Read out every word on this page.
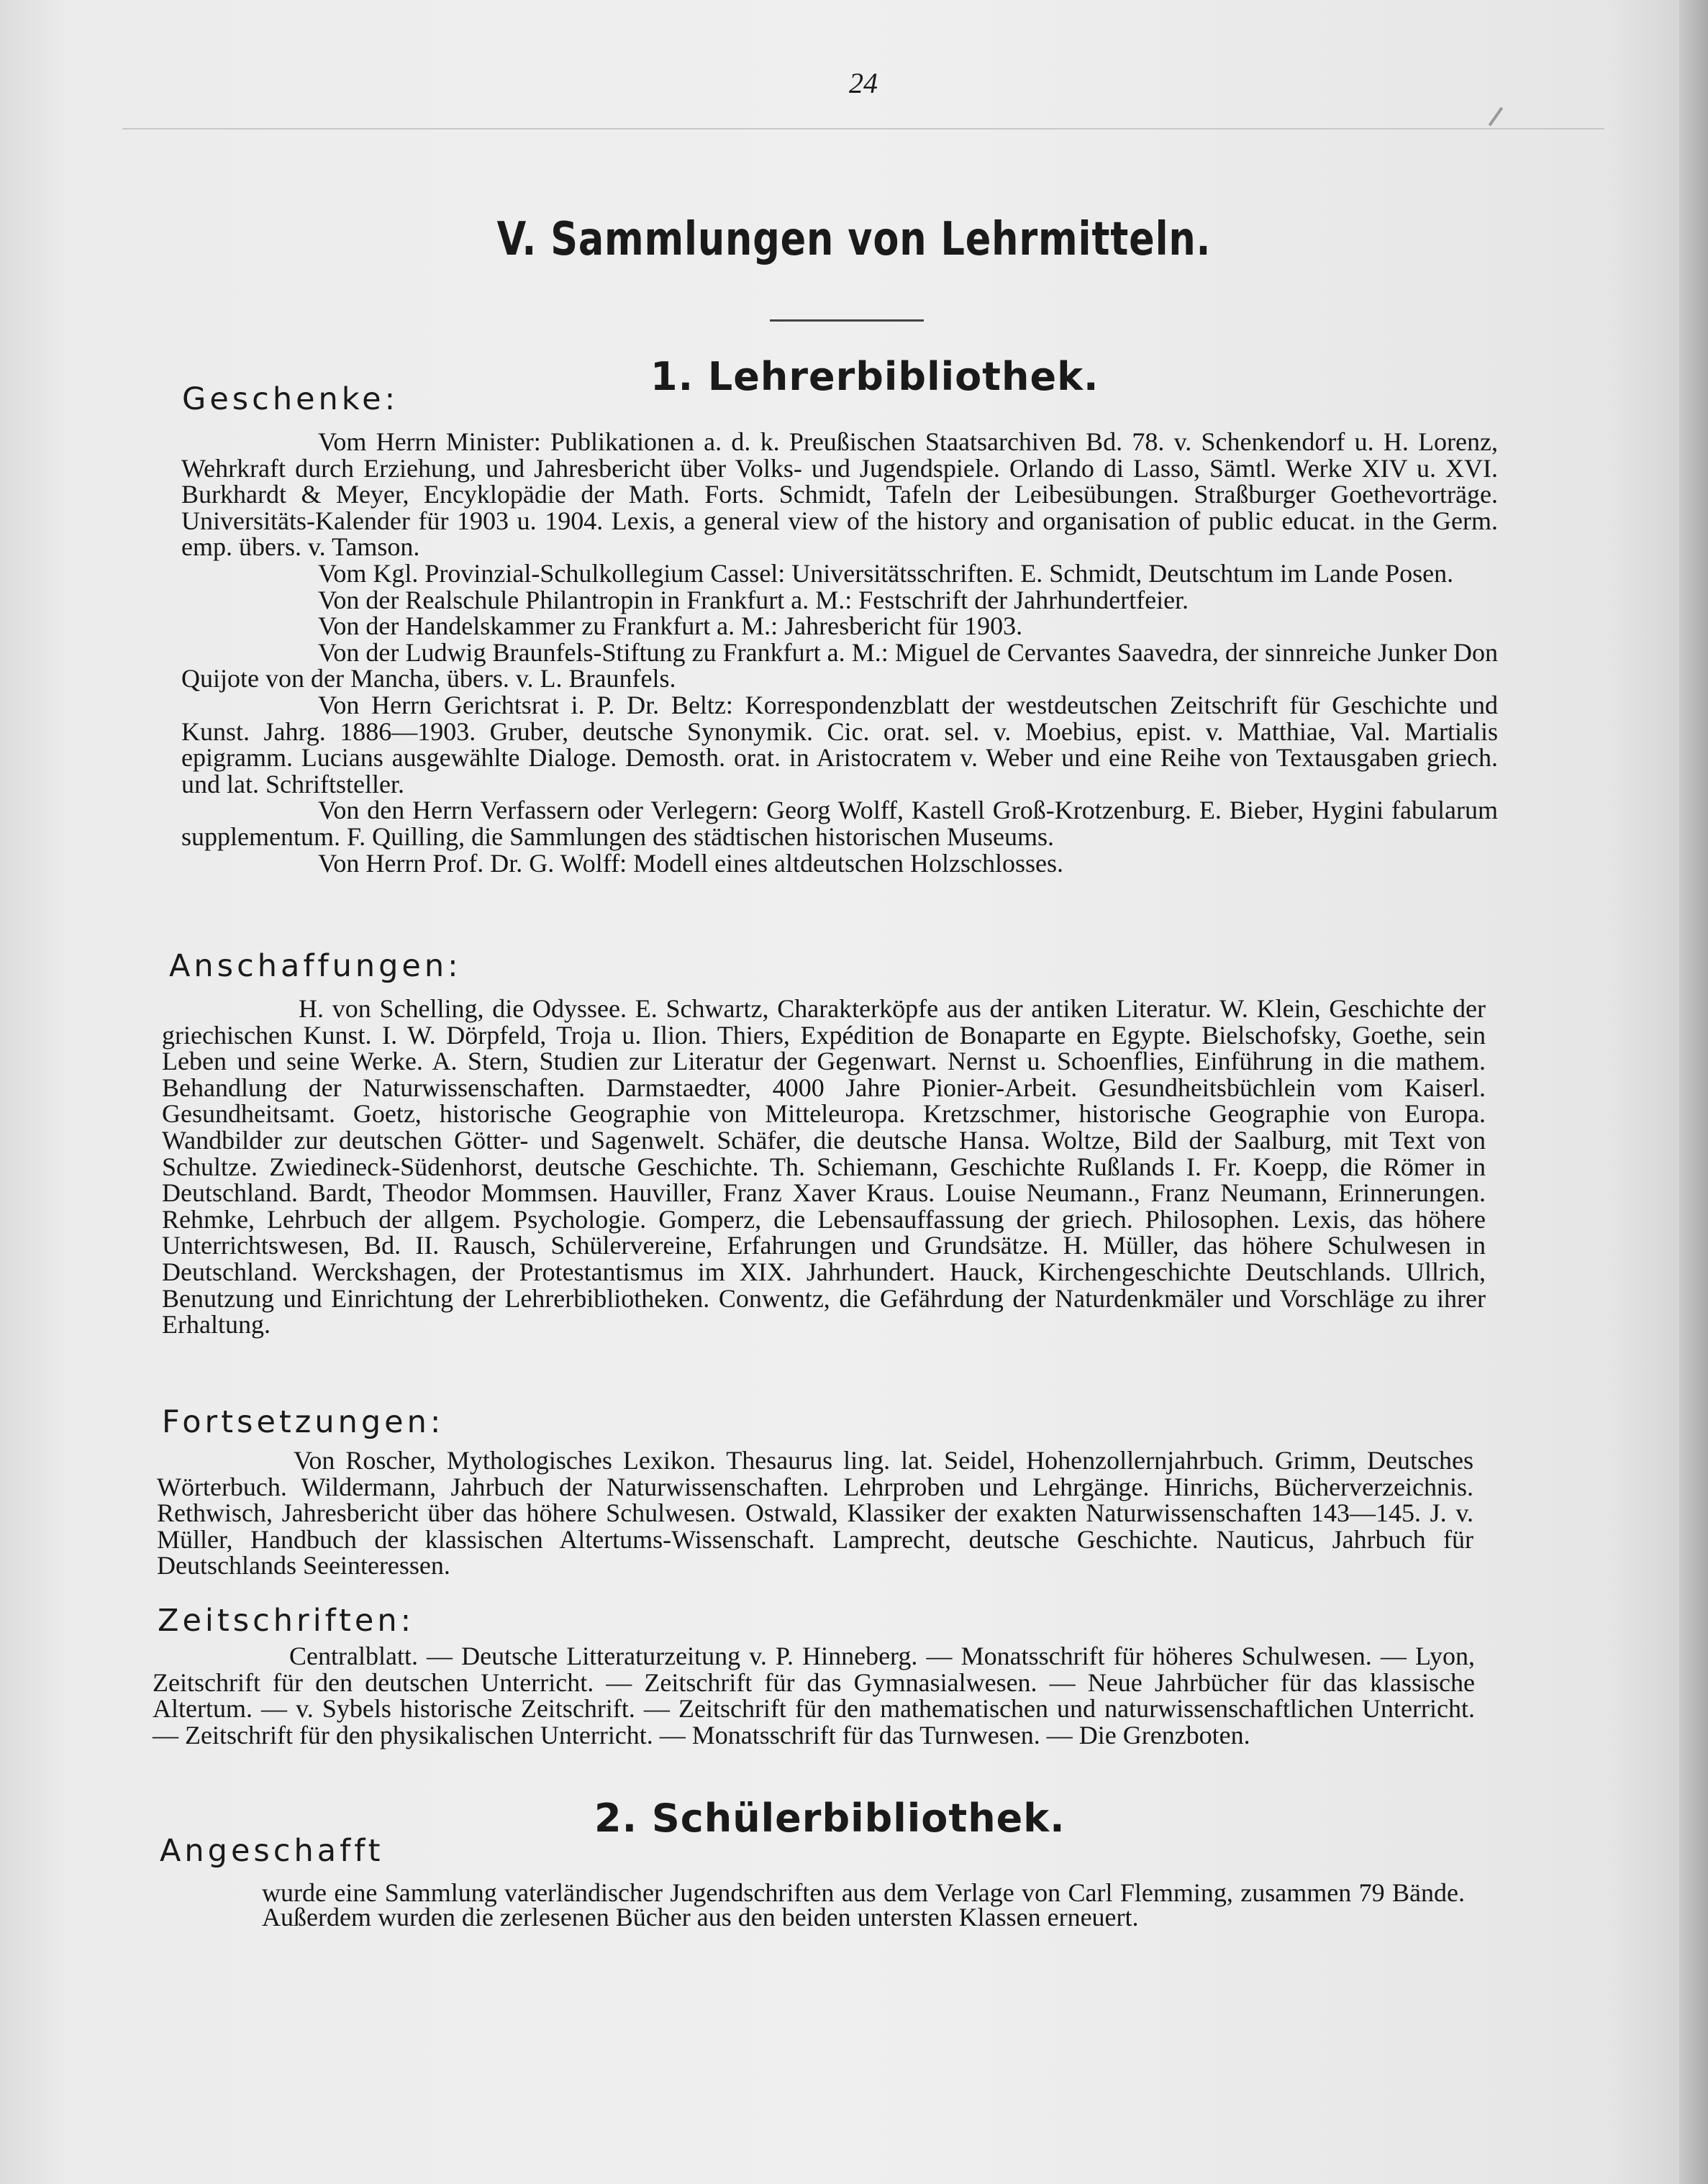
24
V. Sammlungen von Lehrmitteln.
1. Lehrerbibliothek.
Geschenke:

Vom Herrn Minister: Publikationen a. d. k. Preußischen Staatsarchiven Bd. 78. v. Schenkendorf u. H. Lorenz, Wehrkraft durch Erziehung, und Jahresbericht über Volks- und Jugendspiele. Orlando di Lasso, Sämtl. Werke XIV u. XVI. Burkhardt & Meyer, Encyklopädie der Math. Forts. Schmidt, Tafeln der Leibesübungen. Straßburger Goethevorträge. Universitäts-Kalender für 1903 u. 1904. Lexis, a general view of the history and organisation of public educat. in the Germ. emp. übers. v. Tamson.

Vom Kgl. Provinzial-Schulkollegium Cassel: Universitätsschriften. E. Schmidt, Deutschtum im Lande Posen.

Von der Realschule Philantropin in Frankfurt a. M.: Festschrift der Jahrhundertfeier.

Von der Handelskammer zu Frankfurt a. M.: Jahresbericht für 1903.

Von der Ludwig Braunfels-Stiftung zu Frankfurt a. M.: Miguel de Cervantes Saavedra, der sinnreiche Junker Don Quijote von der Mancha, übers. v. L. Braunfels.

Von Herrn Gerichtsrat i. P. Dr. Beltz: Korrespondenzblatt der westdeutschen Zeitschrift für Geschichte und Kunst. Jahrg. 1886—1903. Gruber, deutsche Synonymik. Cic. orat. sel. v. Moebius, epist. v. Matthiae, Val. Martialis epigramm. Lucians ausgewählte Dialoge. Demosth. orat. in Aristocratem v. Weber und eine Reihe von Textausgaben griech. und lat. Schriftsteller.

Von den Herrn Verfassern oder Verlegern: Georg Wolff, Kastell Groß-Krotzenburg. E. Bieber, Hygini fabularum supplementum. F. Quilling, die Sammlungen des städtischen historischen Museums.

Von Herrn Prof. Dr. G. Wolff: Modell eines altdeutschen Holzschlosses.

Anschaffungen:

H. von Schelling, die Odyssee. E. Schwartz, Charakterköpfe aus der antiken Literatur. W. Klein, Geschichte der griechischen Kunst. I. W. Dörpfeld, Troja u. Ilion. Thiers, Expédition de Bonaparte en Egypte. Bielschofsky, Goethe, sein Leben und seine Werke. A. Stern, Studien zur Literatur der Gegenwart. Nernst u. Schoenflies, Einführung in die mathem. Behandlung der Naturwissenschaften. Darmstaedter, 4000 Jahre Pionier-Arbeit. Gesundheitsbüchlein vom Kaiserl. Gesundheitsamt. Goetz, historische Geographie von Mitteleuropa. Kretzschmer, historische Geographie von Europa. Wandbilder zur deutschen Götter- und Sagenwelt. Schäfer, die deutsche Hansa. Woltze, Bild der Saalburg, mit Text von Schultze. Zwiedineck-Südenhorst, deutsche Geschichte. Th. Schiemann, Geschichte Rußlands I. Fr. Koepp, die Römer in Deutschland. Bardt, Theodor Mommsen. Hauviller, Franz Xaver Kraus. Louise Neumann., Franz Neumann, Erinnerungen. Rehmke, Lehrbuch der allgem. Psychologie. Gomperz, die Lebensauffassung der griech. Philosophen. Lexis, das höhere Unterrichtswesen, Bd. II. Rausch, Schülervereine, Erfahrungen und Grundsätze. H. Müller, das höhere Schulwesen in Deutschland. Werckshagen, der Protestantismus im XIX. Jahrhundert. Hauck, Kirchengeschichte Deutschlands. Ullrich, Benutzung und Einrichtung der Lehrerbibliotheken. Conwentz, die Gefährdung der Naturdenkmäler und Vorschläge zu ihrer Erhaltung.

Fortsetzungen:

Von Roscher, Mythologisches Lexikon. Thesaurus ling. lat. Seidel, Hohenzollernjahrbuch. Grimm, Deutsches Wörterbuch. Wildermann, Jahrbuch der Naturwissenschaften. Lehrproben und Lehrgänge. Hinrichs, Bücherverzeichnis. Rethwisch, Jahresbericht über das höhere Schulwesen. Ostwald, Klassiker der exakten Naturwissenschaften 143—145. J. v. Müller, Handbuch der klassischen Altertums-Wissenschaft. Lamprecht, deutsche Geschichte. Nauticus, Jahrbuch für Deutschlands Seeinteressen.

Zeitschriften:

Centralblatt. — Deutsche Litteraturzeitung v. P. Hinneberg. — Monatsschrift für höheres Schulwesen. — Lyon, Zeitschrift für den deutschen Unterricht. — Zeitschrift für das Gymnasialwesen. — Neue Jahrbücher für das klassische Altertum. — v. Sybels historische Zeitschrift. — Zeitschrift für den mathematischen und naturwissenschaftlichen Unterricht. — Zeitschrift für den physikalischen Unterricht. — Monatsschrift für das Turnwesen. — Die Grenzboten.

2. Schülerbibliothek.
Angeschafft

wurde eine Sammlung vaterländischer Jugendschriften aus dem Verlage von Carl Flemming, zusammen 79 Bände. Außerdem wurden die zerlesenen Bücher aus den beiden untersten Klassen erneuert.
